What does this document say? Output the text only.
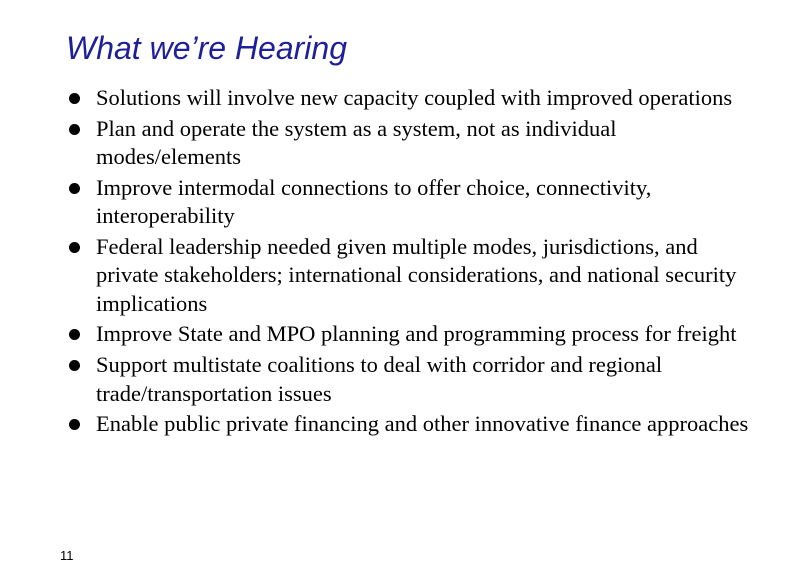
What we’re Hearing
Solutions will involve new capacity coupled with improved operations
Plan and operate the system as a system, not as individual modes/elements
Improve intermodal connections to offer choice, connectivity, interoperability
Federal leadership needed given multiple modes, jurisdictions, and private stakeholders; international considerations, and national security implications
Improve State and MPO planning and programming process for freight
Support multistate coalitions to deal with corridor and regional trade/transportation issues
Enable public private financing and other innovative finance approaches
11
